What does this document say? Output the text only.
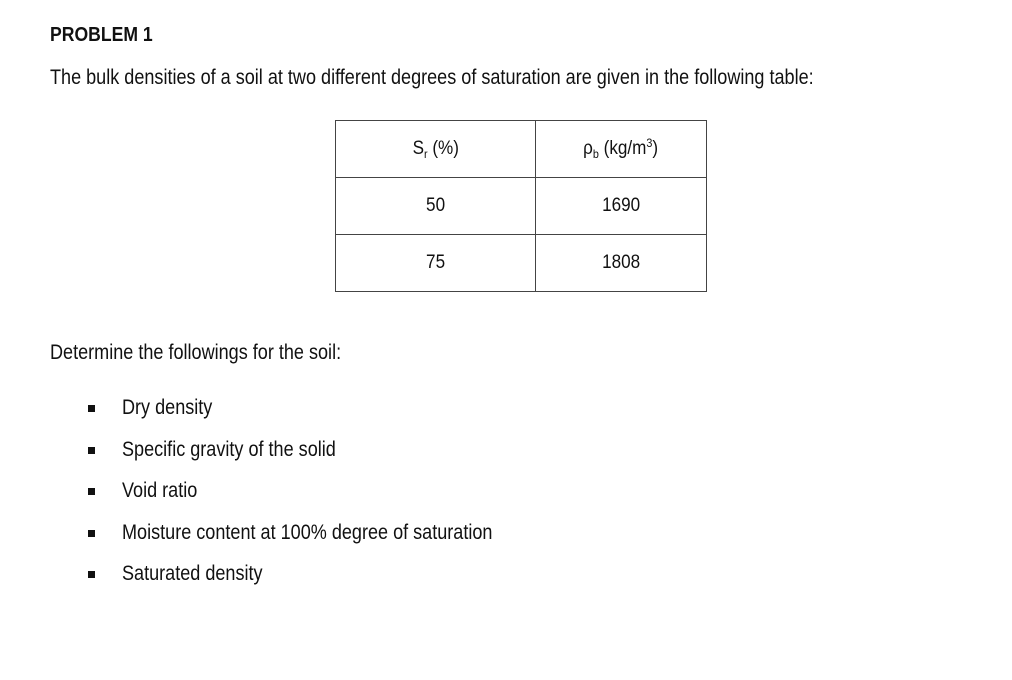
PROBLEM 1
The bulk densities of a soil at two different degrees of saturation are given in the following table:
$S_r$ (%)	$\rho_b$ $(kg/m^3)$
50	1690
75	1808
Determine the followings for the soil:
Dry density
Specific gravity of the solid
Void ratio
Moisture content at 100% degree of saturation
Saturated density
